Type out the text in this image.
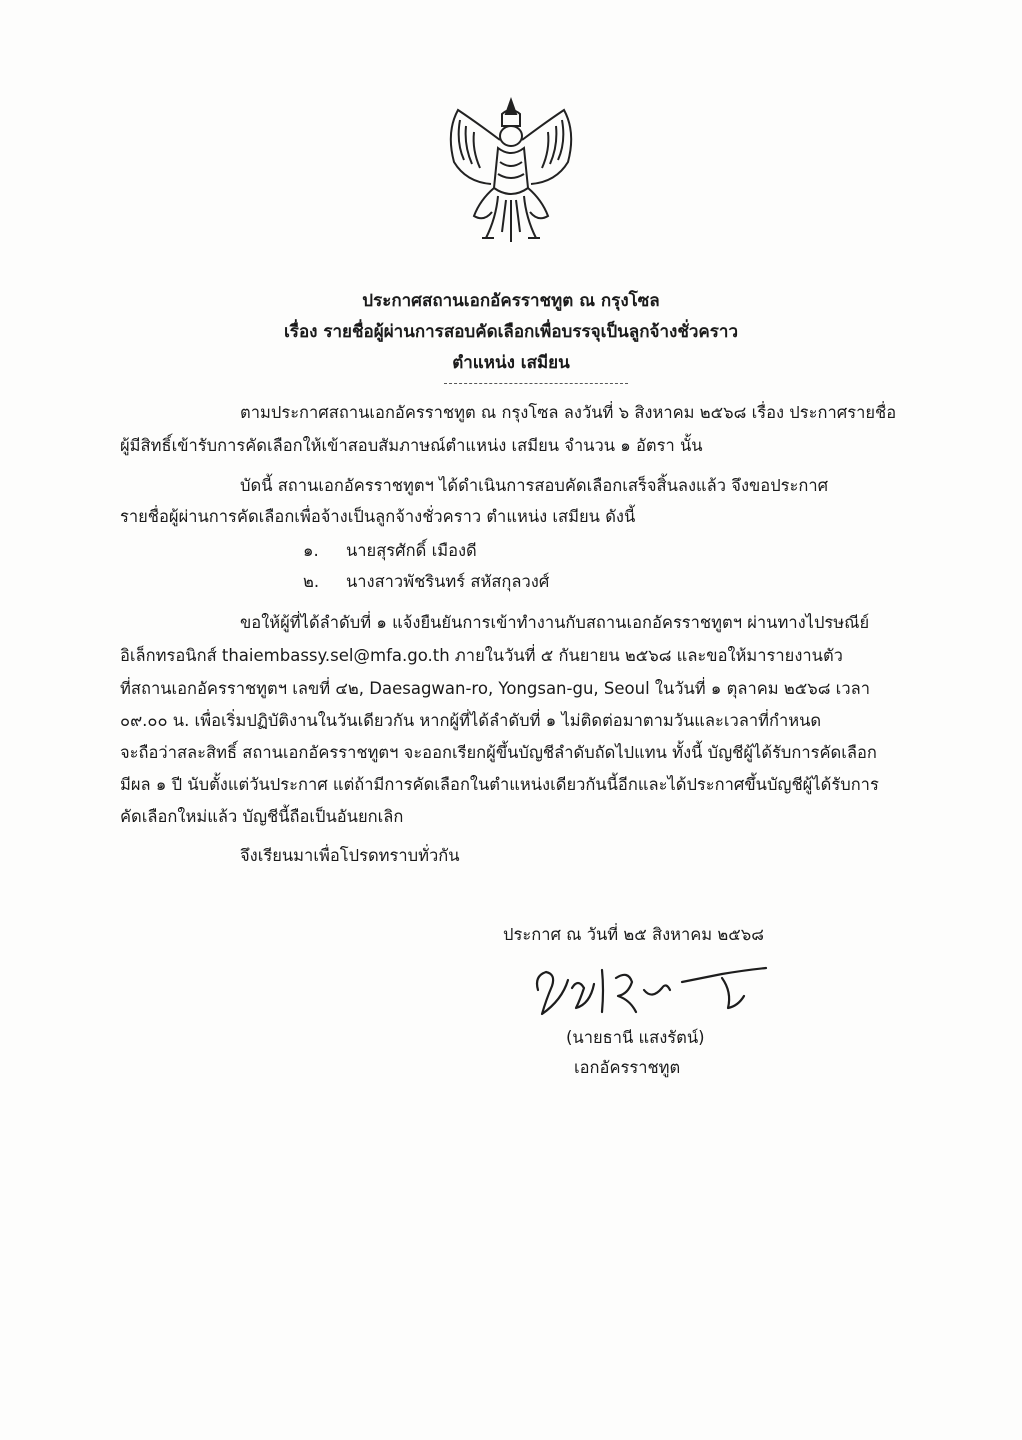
ประกาศสถานเอกอัครราชทูต ณ กรุงโซล
เรื่อง รายชื่อผู้ผ่านการสอบคัดเลือกเพื่อบรรจุเป็นลูกจ้างชั่วคราว
ตำแหน่ง เสมียน
ตามประกาศสถานเอกอัครราชทูต ณ กรุงโซล ลงวันที่ ๖ สิงหาคม ๒๕๖๘ เรื่อง ประกาศรายชื่อ
ผู้มีสิทธิ์เข้ารับการคัดเลือกให้เข้าสอบสัมภาษณ์ตำแหน่ง เสมียน จำนวน ๑ อัตรา นั้น
บัดนี้ สถานเอกอัครราชทูตฯ ได้ดำเนินการสอบคัดเลือกเสร็จสิ้นลงแล้ว จึงขอประกาศ
รายชื่อผู้ผ่านการคัดเลือกเพื่อจ้างเป็นลูกจ้างชั่วคราว ตำแหน่ง เสมียน ดังนี้
๑. นายสุรศักดิ์ เมืองดี
๒. นางสาวพัชรินทร์ สหัสกุลวงศ์
ขอให้ผู้ที่ได้ลำดับที่ ๑ แจ้งยืนยันการเข้าทำงานกับสถานเอกอัครราชทูตฯ ผ่านทางไปรษณีย์
อิเล็กทรอนิกส์ thaiembassy.sel@mfa.go.th ภายในวันที่ ๕ กันยายน ๒๕๖๘ และขอให้มารายงานตัว
ที่สถานเอกอัครราชทูตฯ เลขที่ ๔๒, Daesagwan-ro, Yongsan-gu, Seoul ในวันที่ ๑ ตุลาคม ๒๕๖๘ เวลา
๐๙.๐๐ น. เพื่อเริ่มปฏิบัติงานในวันเดียวกัน หากผู้ที่ได้ลำดับที่ ๑ ไม่ติดต่อมาตามวันและเวลาที่กำหนด
จะถือว่าสละสิทธิ์ สถานเอกอัครราชทูตฯ จะออกเรียกผู้ขึ้นบัญชีลำดับถัดไปแทน ทั้งนี้ บัญชีผู้ได้รับการคัดเลือก
มีผล ๑ ปี นับตั้งแต่วันประกาศ แต่ถ้ามีการคัดเลือกในตำแหน่งเดียวกันนี้อีกและได้ประกาศขึ้นบัญชีผู้ได้รับการ
คัดเลือกใหม่แล้ว บัญชีนี้ถือเป็นอันยกเลิก
จึงเรียนมาเพื่อโปรดทราบทั่วกัน
ประกาศ ณ วันที่ ๒๕ สิงหาคม ๒๕๖๘
(นายธานี แสงรัตน์)
เอกอัครราชทูต
